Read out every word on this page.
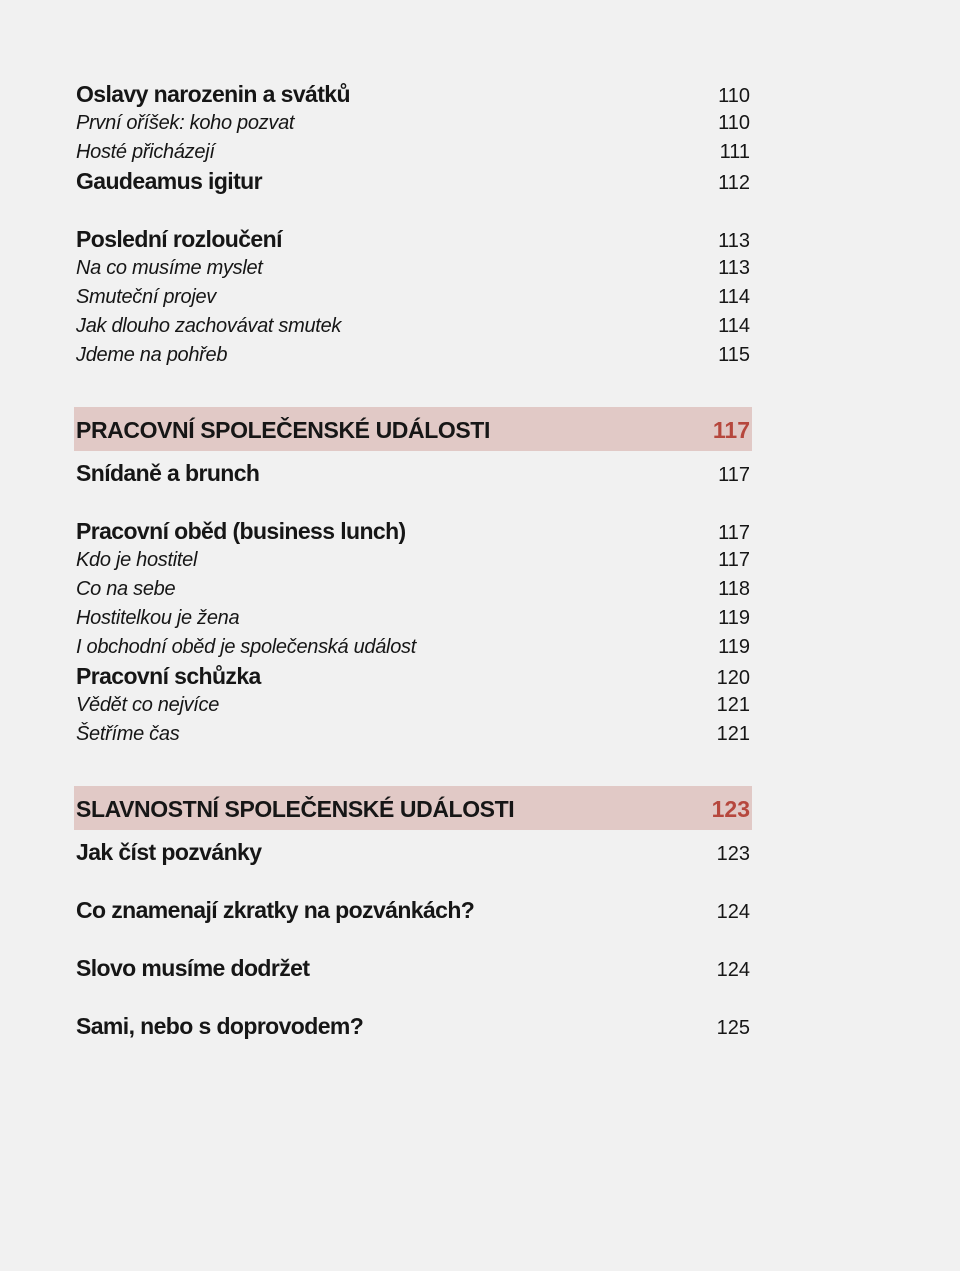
Oslavy narozenin a svátků	110
První oříšek: koho pozvat	110
Hosté přicházejí	111
Gaudeamus igitur	112
Poslední rozloučení	113
Na co musíme myslet	113
Smuteční projev	114
Jak dlouho zachovávat smutek	114
Jdeme na pohřeb	115
PRACOVNÍ SPOLEČENSKÉ UDÁLOSTI	117
Snídaně a brunch	117
Pracovní oběd (business lunch)	117
Kdo je hostitel	117
Co na sebe	118
Hostitelkou je žena	119
I obchodní oběd je společenská událost	119
Pracovní schůzka	120
Vědět co nejvíce	121
Šetříme čas	121
SLAVNOSTNÍ SPOLEČENSKÉ UDÁLOSTI	123
Jak číst pozvánky	123
Co znamenají zkratky na pozvánkách?	124
Slovo musíme dodržet	124
Sami, nebo s doprovodem?	125
